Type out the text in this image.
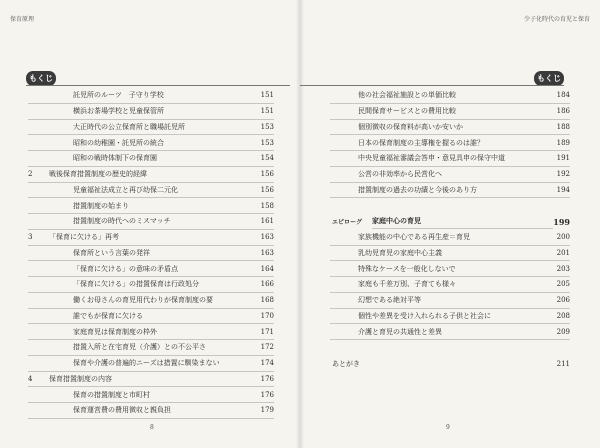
保育原理
もくじ
託児所のルーツ　子守り学校	151
横浜お茶場学校と児童保管所	151
大正時代の公立保育所と職場託児所	153
昭和の幼稚園・託児所の統合	153
昭和の戦時体制下の保育園	154
2	戦後保育措置制度の歴史的経緯	156
児童福祉法成立と再び幼保二元化	156
措置制度の始まり	158
措置制度の時代へのミスマッチ	161
3	「保育に欠ける」再考	163
保育所という言葉の発祥	163
「保育に欠ける」の意味の矛盾点	164
「保育に欠ける」の措置保育は行政処分	166
働くお母さんの育児用代わりが保育制度の要	168
誰でもが保育に欠ける	170
家庭育児は保育制度の枠外	171
措置入所と在宅育児（介護）との不公平さ	172
保育や介護の普遍的ニーズは措置に馴染まない	174
4	保育措置制度の内容	176
保育の措置制度と市町村	176
保育運営費の費用徴収と親負担	179
8
少子化時代の育児と保育
もくじ
他の社会福祉施設との単価比較	184
民間保育サービスとの費用比較	186
個別徴収の保育料が高いか安いか	188
日本の保育制度の主導権を握るのは誰？	189
中央児童福祉審議会答申・意見具申の保守中道	191
公営の非効率から民営化へ	192
措置制度の過去の功績と今後のあり方	194
エピローグ	家庭中心の育児	199
家族機能の中心である再生産＝育児	200
乳幼児育児の家庭中心主義	201
特殊なケースを一般化しないで	203
家庭も千差万別、子育ても様々	205
幻想である絶対平等	206
個性や差異を受け入れられる子供と社会に	208
介護と育児の共通性と差異	209
あとがき	211
9
